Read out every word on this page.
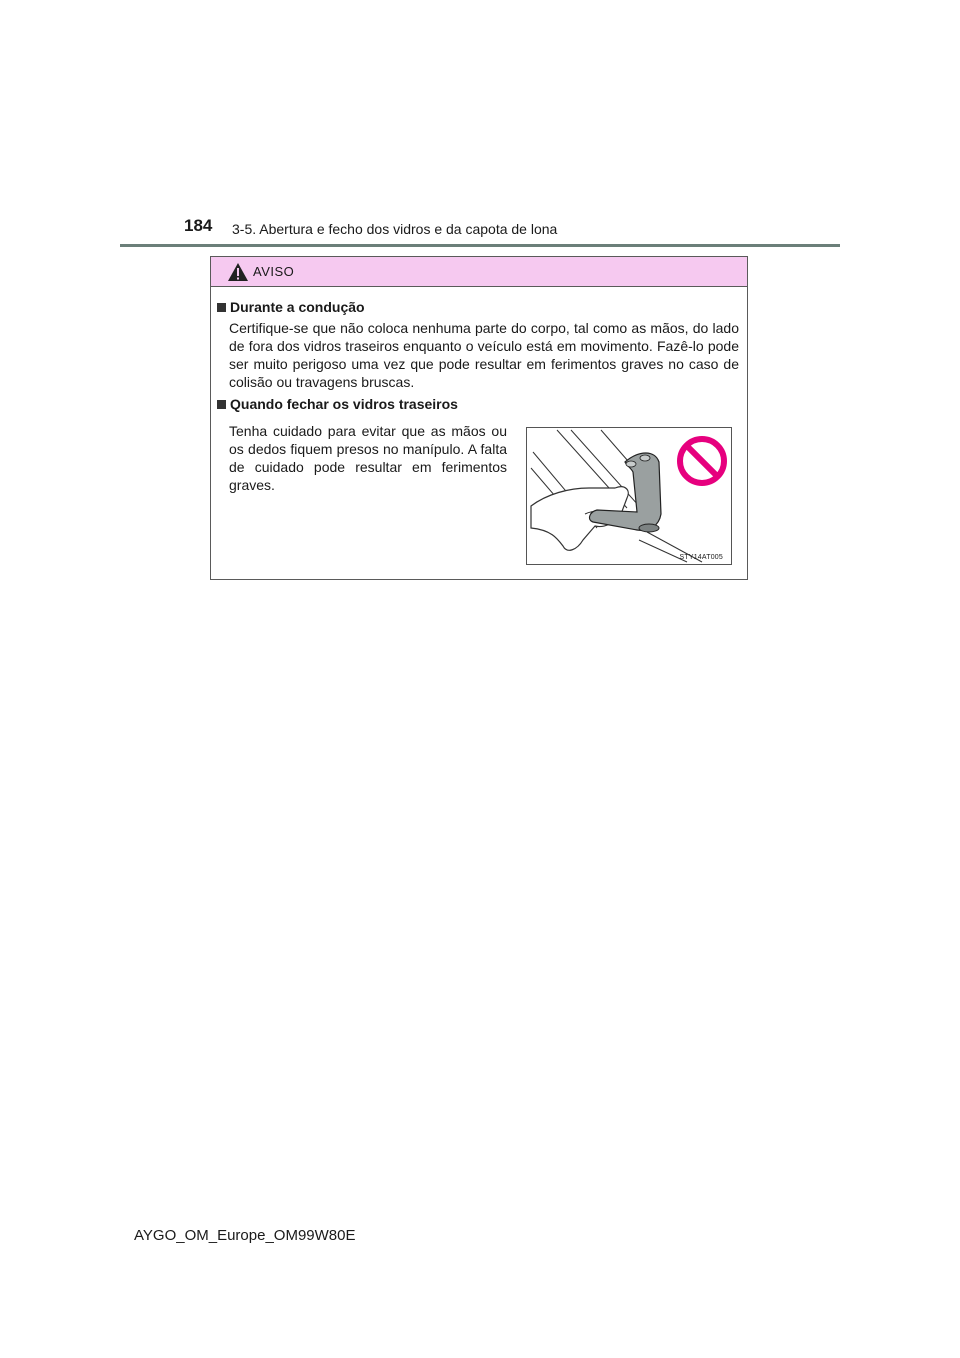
184 3-5. Abertura e fecho dos vidros e da capota de lona
AVISO
Durante a condução
Certifique-se que não coloca nenhuma parte do corpo, tal como as mãos, do lado de fora dos vidros traseiros enquanto o veículo está em movimento. Fazê-lo pode ser muito perigoso uma vez que pode resultar em ferimentos graves no caso de colisão ou travagens bruscas.
Quando fechar os vidros traseiros
Tenha cuidado para evitar que as mãos ou os dedos fiquem presos no manípulo. A falta de cuidado pode resultar em ferimentos graves.
STY14AT005
AYGO_OM_Europe_OM99W80E
